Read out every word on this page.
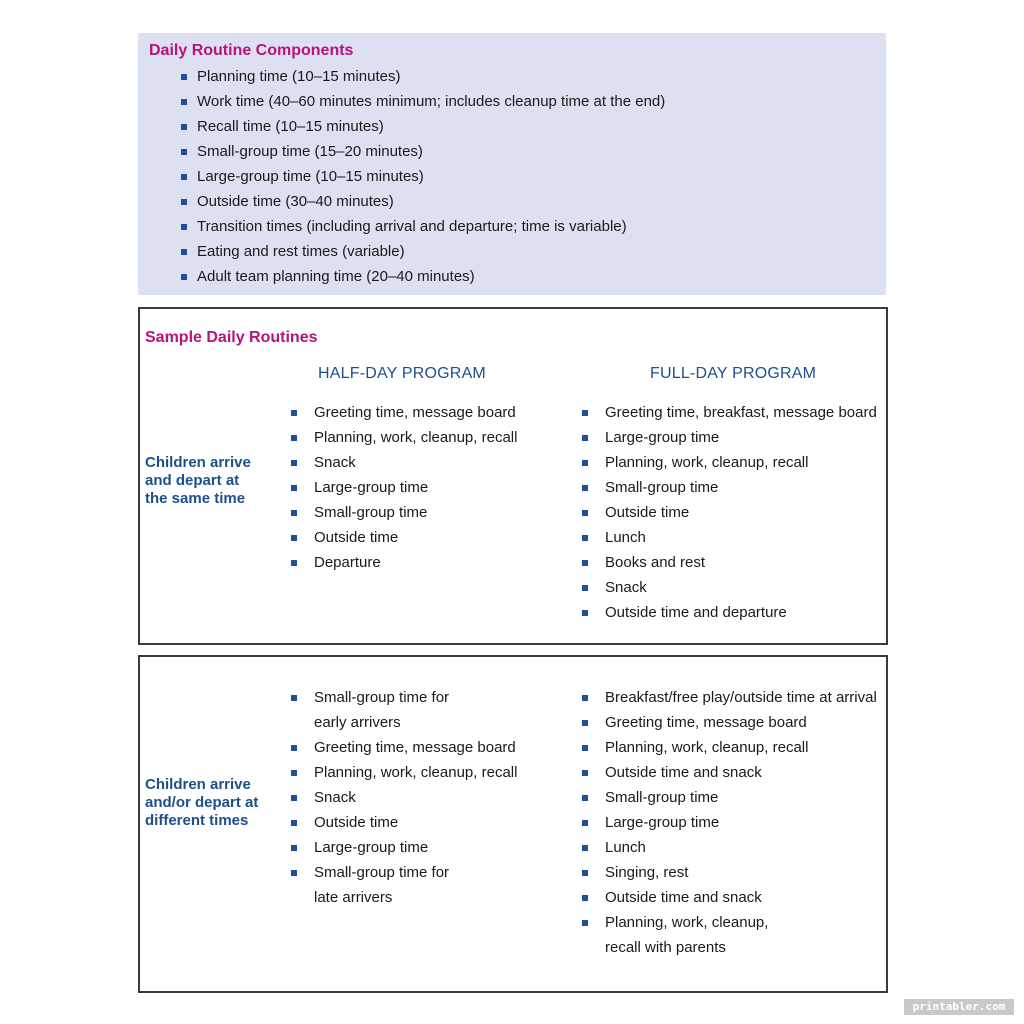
Daily Routine Components
Planning time (10–15 minutes)
Work time (40–60 minutes minimum; includes cleanup time at the end)
Recall time (10–15 minutes)
Small-group time (15–20 minutes)
Large-group time (10–15 minutes)
Outside time (30–40 minutes)
Transition times (including arrival and departure; time is variable)
Eating and rest times (variable)
Adult team planning time (20–40 minutes)
Sample Daily Routines
HALF-DAY PROGRAM	FULL-DAY PROGRAM
Children arrive
and depart at
the same time
Greeting time, message board
Planning, work, cleanup, recall
Snack
Large-group time
Small-group time
Outside time
Departure
Greeting time, breakfast, message board
Large-group time
Planning, work, cleanup, recall
Small-group time
Outside time
Lunch
Books and rest
Snack
Outside time and departure
Children arrive
and/or depart at
different times
Small-group time for
early arrivers
Greeting time, message board
Planning, work, cleanup, recall
Snack
Outside time
Large-group time
Small-group time for
late arrivers
Breakfast/free play/outside time at arrival
Greeting time, message board
Planning, work, cleanup, recall
Outside time and snack
Small-group time
Large-group time
Lunch
Singing, rest
Outside time and snack
Planning, work, cleanup,
recall with parents
printabler.com
